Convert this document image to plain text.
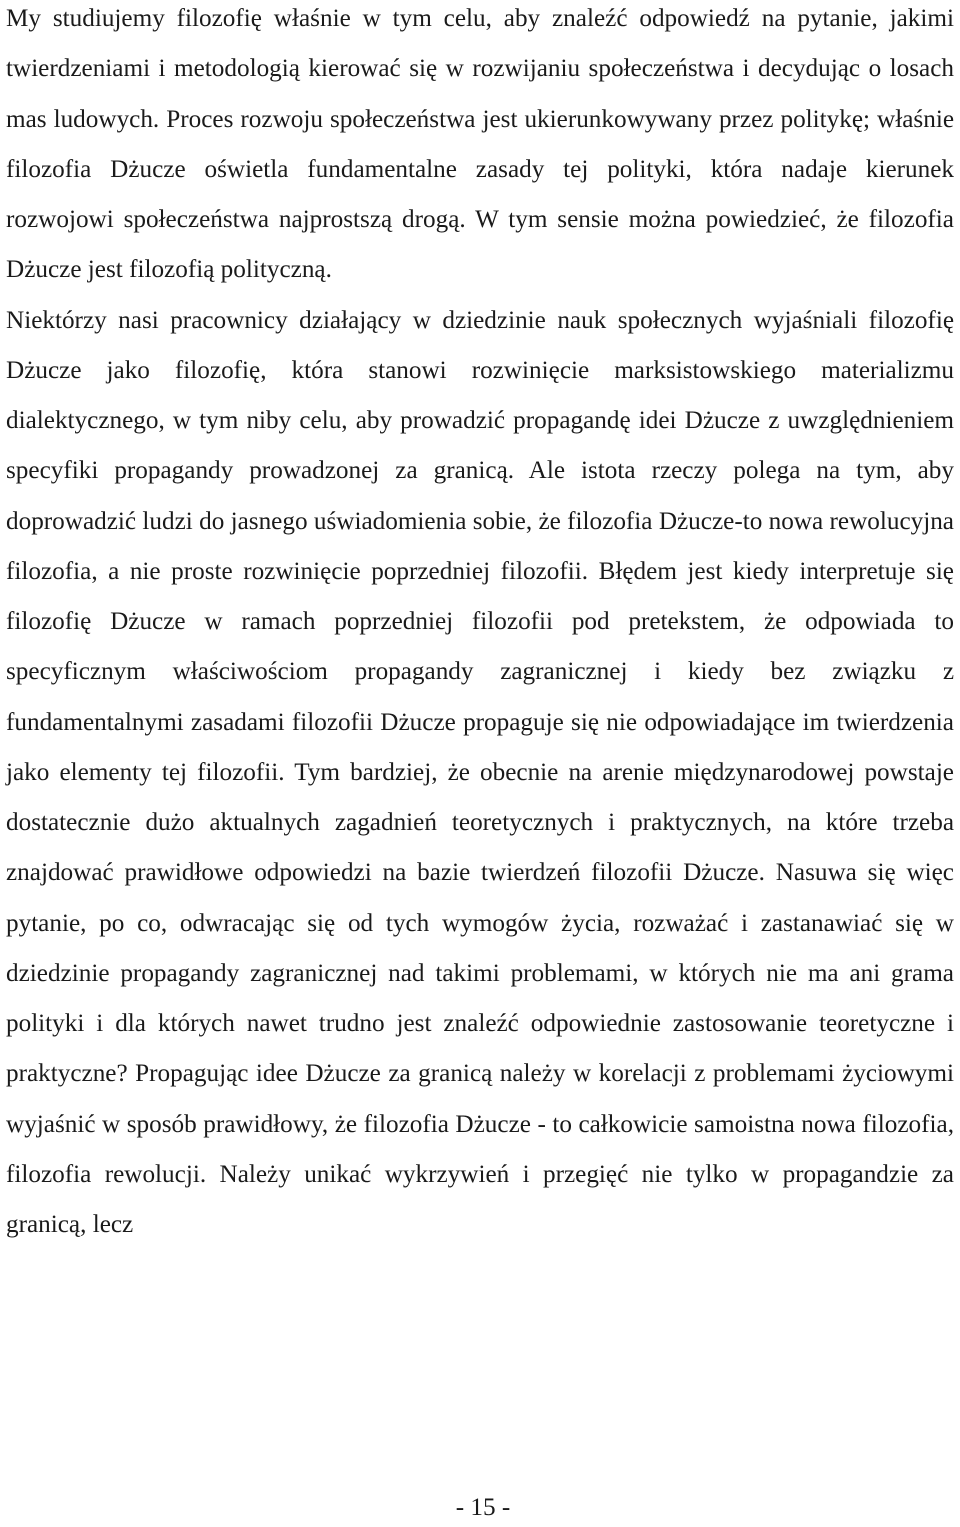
My studiujemy filozofię właśnie w tym celu, aby znaleźć odpowiedź na pytanie, jakimi twierdzeniami i metodologią kierować się w rozwijaniu społeczeństwa i decydując o losach mas ludowych. Proces rozwoju społeczeństwa jest ukierunkowywany przez politykę; właśnie filozofia Dżucze oświetla fundamentalne zasady tej polityki, która nadaje kierunek rozwojowi społeczeństwa najprostszą drogą. W tym sensie można powiedzieć, że filozofia Dżucze jest filozofią polityczną.

Niektórzy nasi pracownicy działający w dziedzinie nauk społecznych wyjaśniali filozofię Dżucze jako filozofię, która stanowi rozwinięcie marksistowskiego materializmu dialektycznego, w tym niby celu, aby prowadzić propagandę idei Dżucze z uwzględnieniem specyfiki propagandy prowadzonej za granicą. Ale istota rzeczy polega na tym, aby doprowadzić ludzi do jasnego uświadomienia sobie, że filozofia Dżucze-to nowa rewolucyjna filozofia, a nie proste rozwinięcie poprzedniej filozofii. Błędem jest kiedy interpretuje się filozofię Dżucze w ramach poprzedniej filozofii pod pretekstem, że odpowiada to specyficznym właściwościom propagandy zagranicznej i kiedy bez związku z fundamentalnymi zasadami filozofii Dżucze propaguje się nie odpowiadające im twierdzenia jako elementy tej filozofii. Tym bardziej, że obecnie na arenie międzynarodowej powstaje dostatecznie dużo aktualnych zagadnień teoretycznych i praktycznych, na które trzeba znajdować prawidłowe odpowiedzi na bazie twierdzeń filozofii Dżucze. Nasuwa się więc pytanie, po co, odwracając się od tych wymogów życia, rozważać i zastanawiać się w dziedzinie propagandy zagranicznej nad takimi problemami, w których nie ma ani grama polityki i dla których nawet trudno jest znaleźć odpowiednie zastosowanie teoretyczne i praktyczne? Propagując idee Dżucze za granicą należy w korelacji z problemami życiowymi wyjaśnić w sposób prawidłowy, że filozofia Dżucze - to całkowicie samoistna nowa filozofia, filozofia rewolucji. Należy unikać wykrzywień i przegięć nie tylko w propagandzie za granicą, lecz

- 15 -
